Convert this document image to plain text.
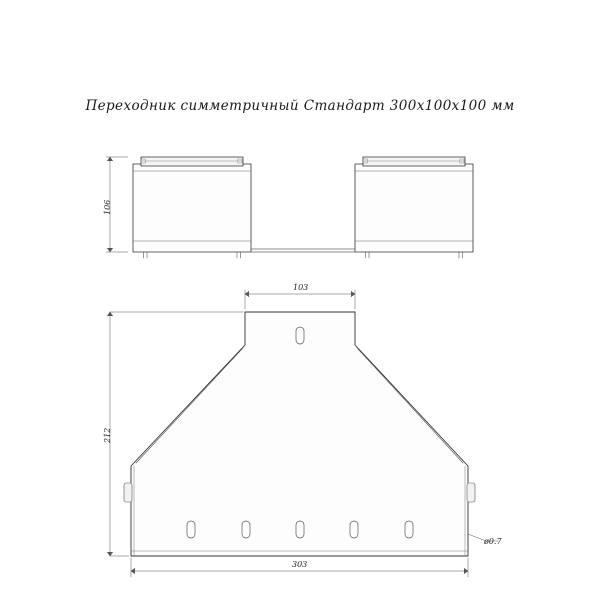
Переходник симметричный Стандарт 300х100х100 мм
106
103
212
303
ø0.7
